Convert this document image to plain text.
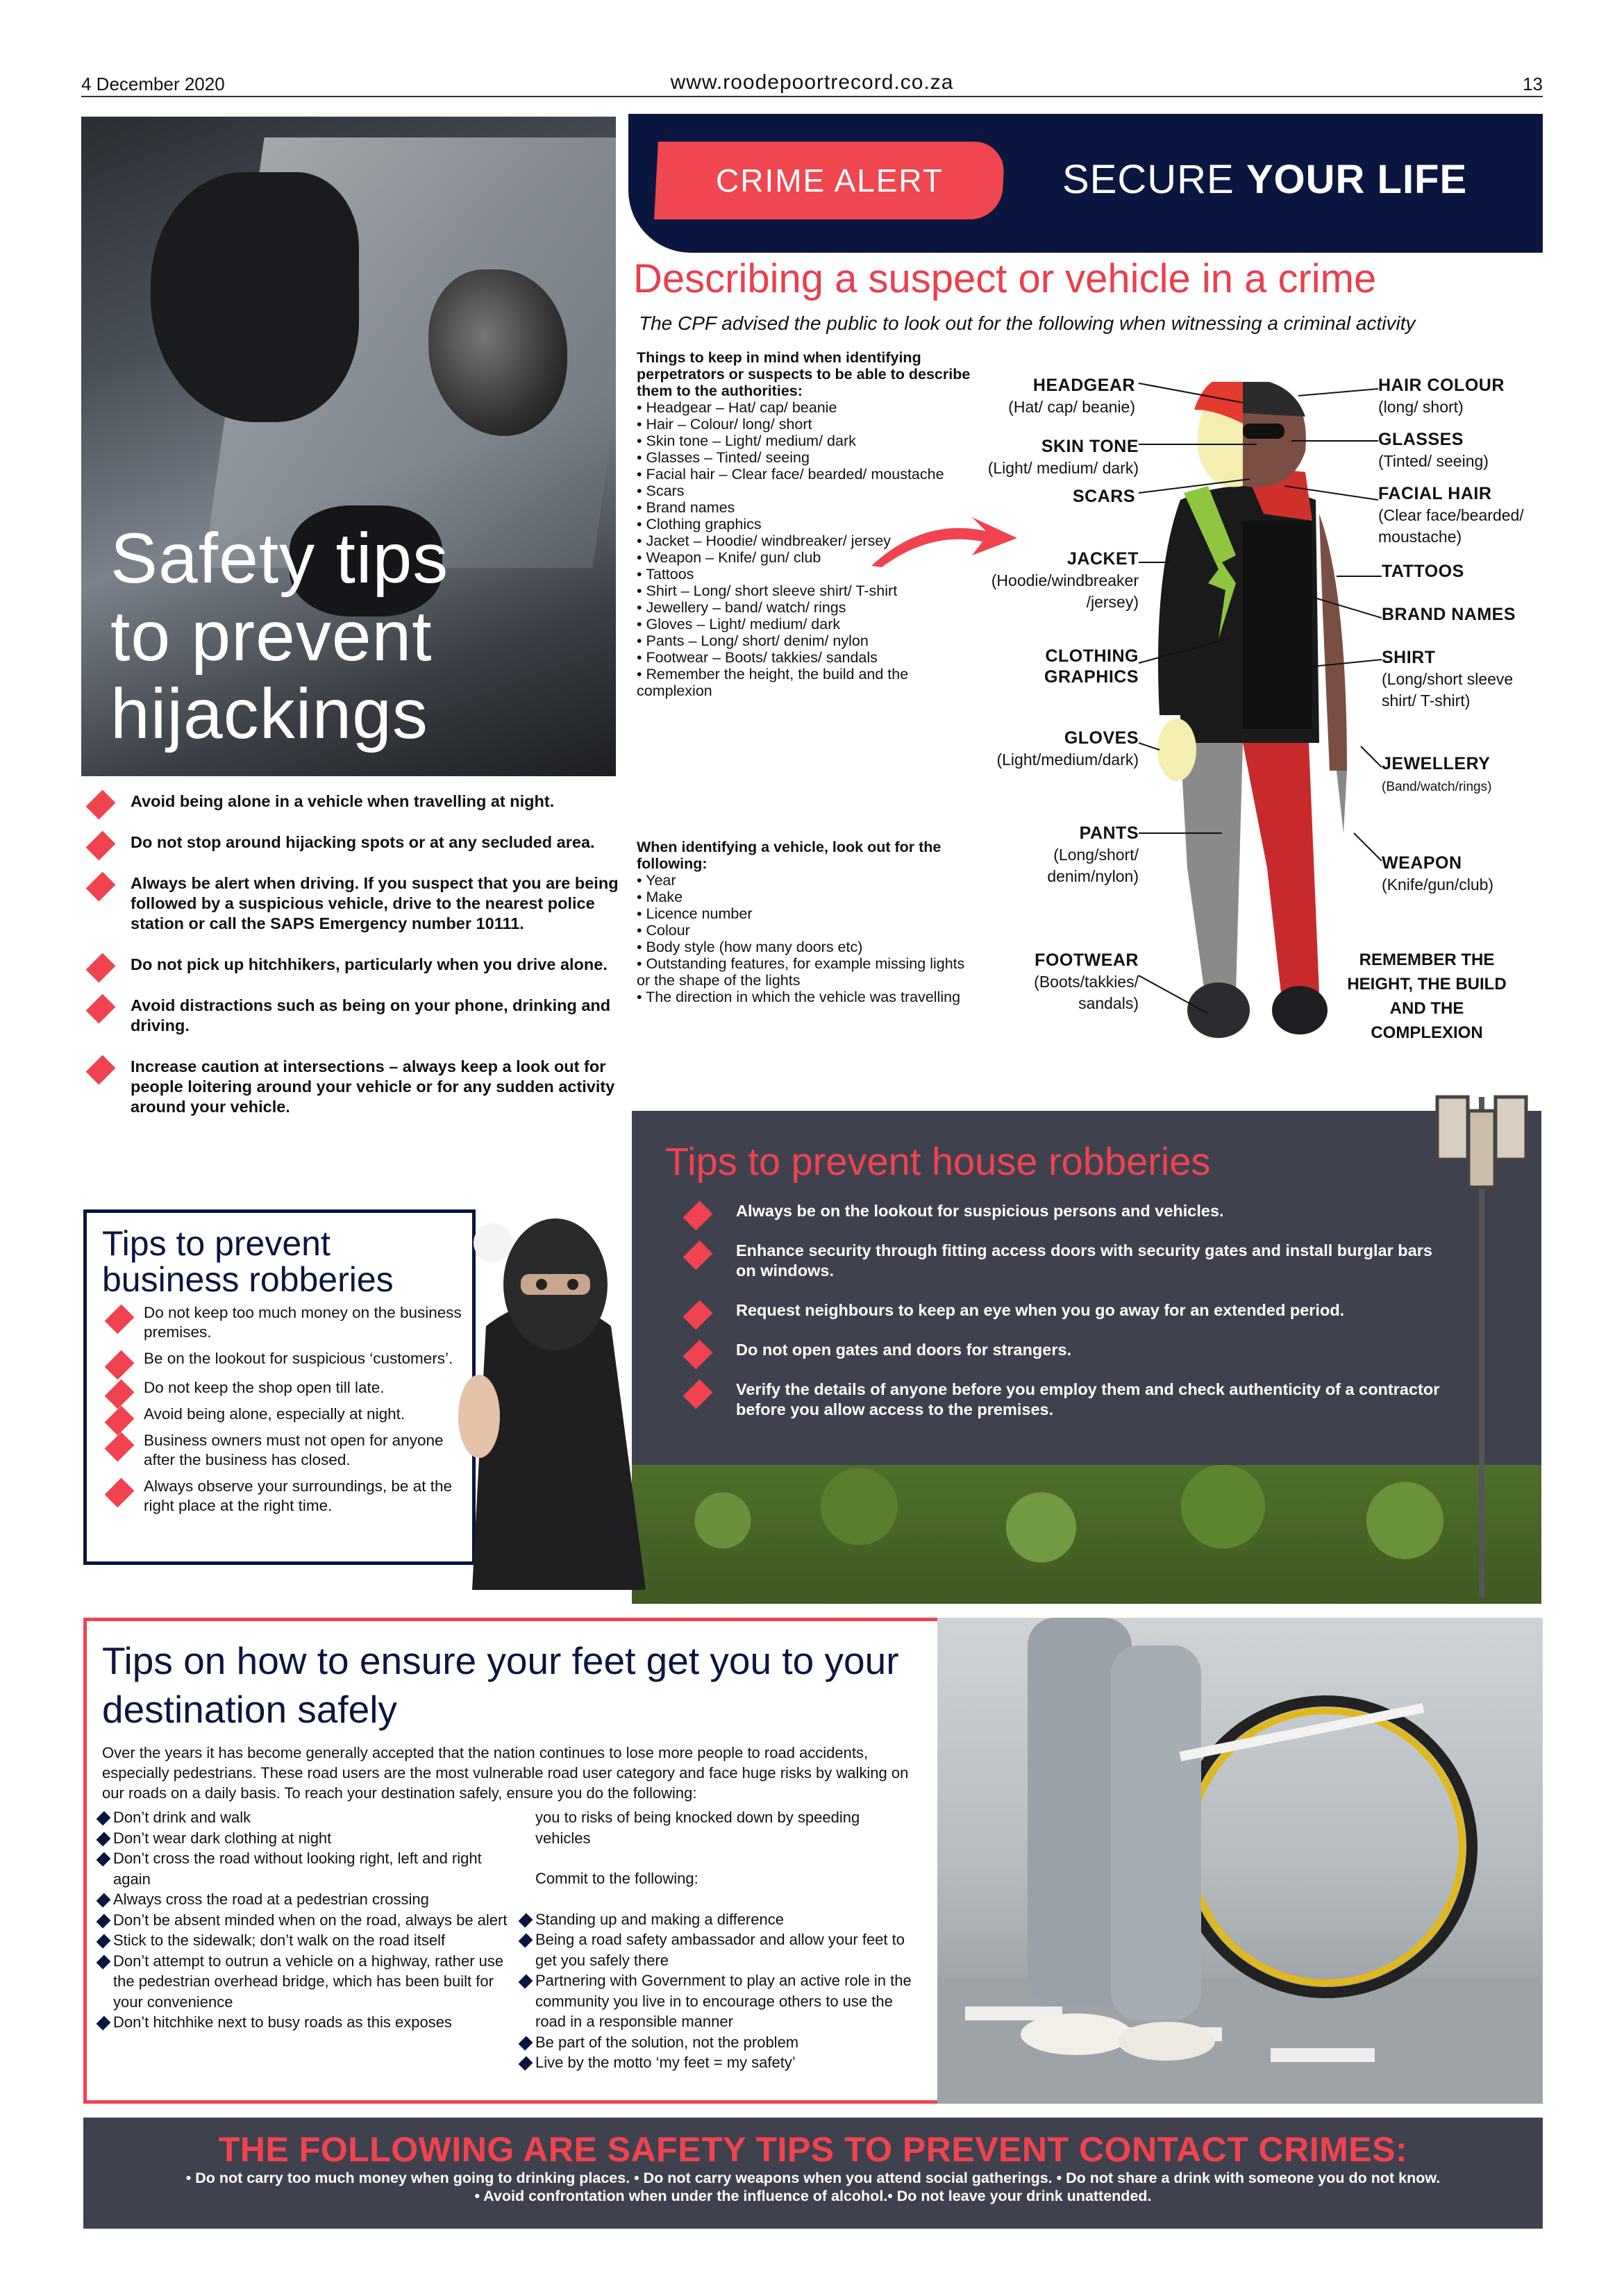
4 December 2020	www.roodepoortrecord.co.za	13
Safety tips
to prevent
hijackings
Avoid being alone in a vehicle when travelling at night.
Do not stop around hijacking spots or at any secluded area.
Always be alert when driving. If you suspect that you are being followed by a suspicious vehicle, drive to the nearest police station or call the SAPS Emergency number 10111.
Do not pick up hitchhikers, particularly when you drive alone.
Avoid distractions such as being on your phone, drinking and driving.
Increase caution at intersections – always keep a look out for people loitering around your vehicle or for any sudden activity around your vehicle.
CRIME ALERT	SECURE YOUR LIFE
Describing a suspect or vehicle in a crime
The CPF advised the public to look out for the following when witnessing a criminal activity
Things to keep in mind when identifying perpetrators or suspects to be able to describe them to the authorities:
• Headgear – Hat/ cap/ beanie
• Hair – Colour/ long/ short
• Skin tone – Light/ medium/ dark
• Glasses – Tinted/ seeing
• Facial hair – Clear face/ bearded/ moustache
• Scars
• Brand names
• Clothing graphics
• Jacket – Hoodie/ windbreaker/ jersey
• Weapon – Knife/ gun/ club
• Tattoos
• Shirt – Long/ short sleeve shirt/ T-shirt
• Jewellery – band/ watch/ rings
• Gloves – Light/ medium/ dark
• Pants – Long/ short/ denim/ nylon
• Footwear – Boots/ takkies/ sandals
• Remember the height, the build and the complexion
When identifying a vehicle, look out for the following:
• Year
• Make
• Licence number
• Colour
• Body style (how many doors etc)
• Outstanding features, for example missing lights or the shape of the lights
• The direction in which the vehicle was travelling
HEADGEAR
(Hat/ cap/ beanie)
SKIN TONE
(Light/ medium/ dark)
SCARS
JACKET
(Hoodie/windbreaker /jersey)
CLOTHING GRAPHICS
GLOVES
(Light/medium/dark)
PANTS
(Long/short/ denim/nylon)
FOOTWEAR
(Boots/takkies/ sandals)
HAIR COLOUR
(long/ short)
GLASSES
(Tinted/ seeing)
FACIAL HAIR
(Clear face/bearded/ moustache)
TATTOOS
BRAND NAMES
SHIRT
(Long/short sleeve shirt/ T-shirt)
JEWELLERY
(Band/watch/rings)
WEAPON
(Knife/gun/club)
REMEMBER THE HEIGHT, THE BUILD AND THE COMPLEXION
Tips to prevent business robberies
Do not keep too much money on the business premises.
Be on the lookout for suspicious ‘customers’.
Do not keep the shop open till late.
Avoid being alone, especially at night.
Business owners must not open for anyone after the business has closed.
Always observe your surroundings, be at the right place at the right time.
Tips to prevent house robberies
Always be on the lookout for suspicious persons and vehicles.
Enhance security through fitting access doors with security gates and install burglar bars on windows.
Request neighbours to keep an eye when you go away for an extended period.
Do not open gates and doors for strangers.
Verify the details of anyone before you employ them and check authenticity of a contractor before you allow access to the premises.
Tips on how to ensure your feet get you to your destination safely
Over the years it has become generally accepted that the nation continues to lose more people to road accidents, especially pedestrians. These road users are the most vulnerable road user category and face huge risks by walking on our roads on a daily basis. To reach your destination safely, ensure you do the following:
Don’t drink and walk
Don’t wear dark clothing at night
Don’t cross the road without looking right, left and right again
Always cross the road at a pedestrian crossing
Don’t be absent minded when on the road, always be alert
Stick to the sidewalk; don’t walk on the road itself
Don’t attempt to outrun a vehicle on a highway, rather use the pedestrian overhead bridge, which has been built for your convenience
Don’t hitchhike next to busy roads as this exposes
you to risks of being knocked down by speeding vehicles
Commit to the following:
Standing up and making a difference
Being a road safety ambassador and allow your feet to get you safely there
Partnering with Government to play an active role in the community you live in to encourage others to use the road in a responsible manner
Be part of the solution, not the problem
Live by the motto ‘my feet = my safety’
THE FOLLOWING ARE SAFETY TIPS TO PREVENT CONTACT CRIMES:
• Do not carry too much money when going to drinking places. • Do not carry weapons when you attend social gatherings. • Do not share a drink with someone you do not know.
• Avoid confrontation when under the influence of alcohol.• Do not leave your drink unattended.
